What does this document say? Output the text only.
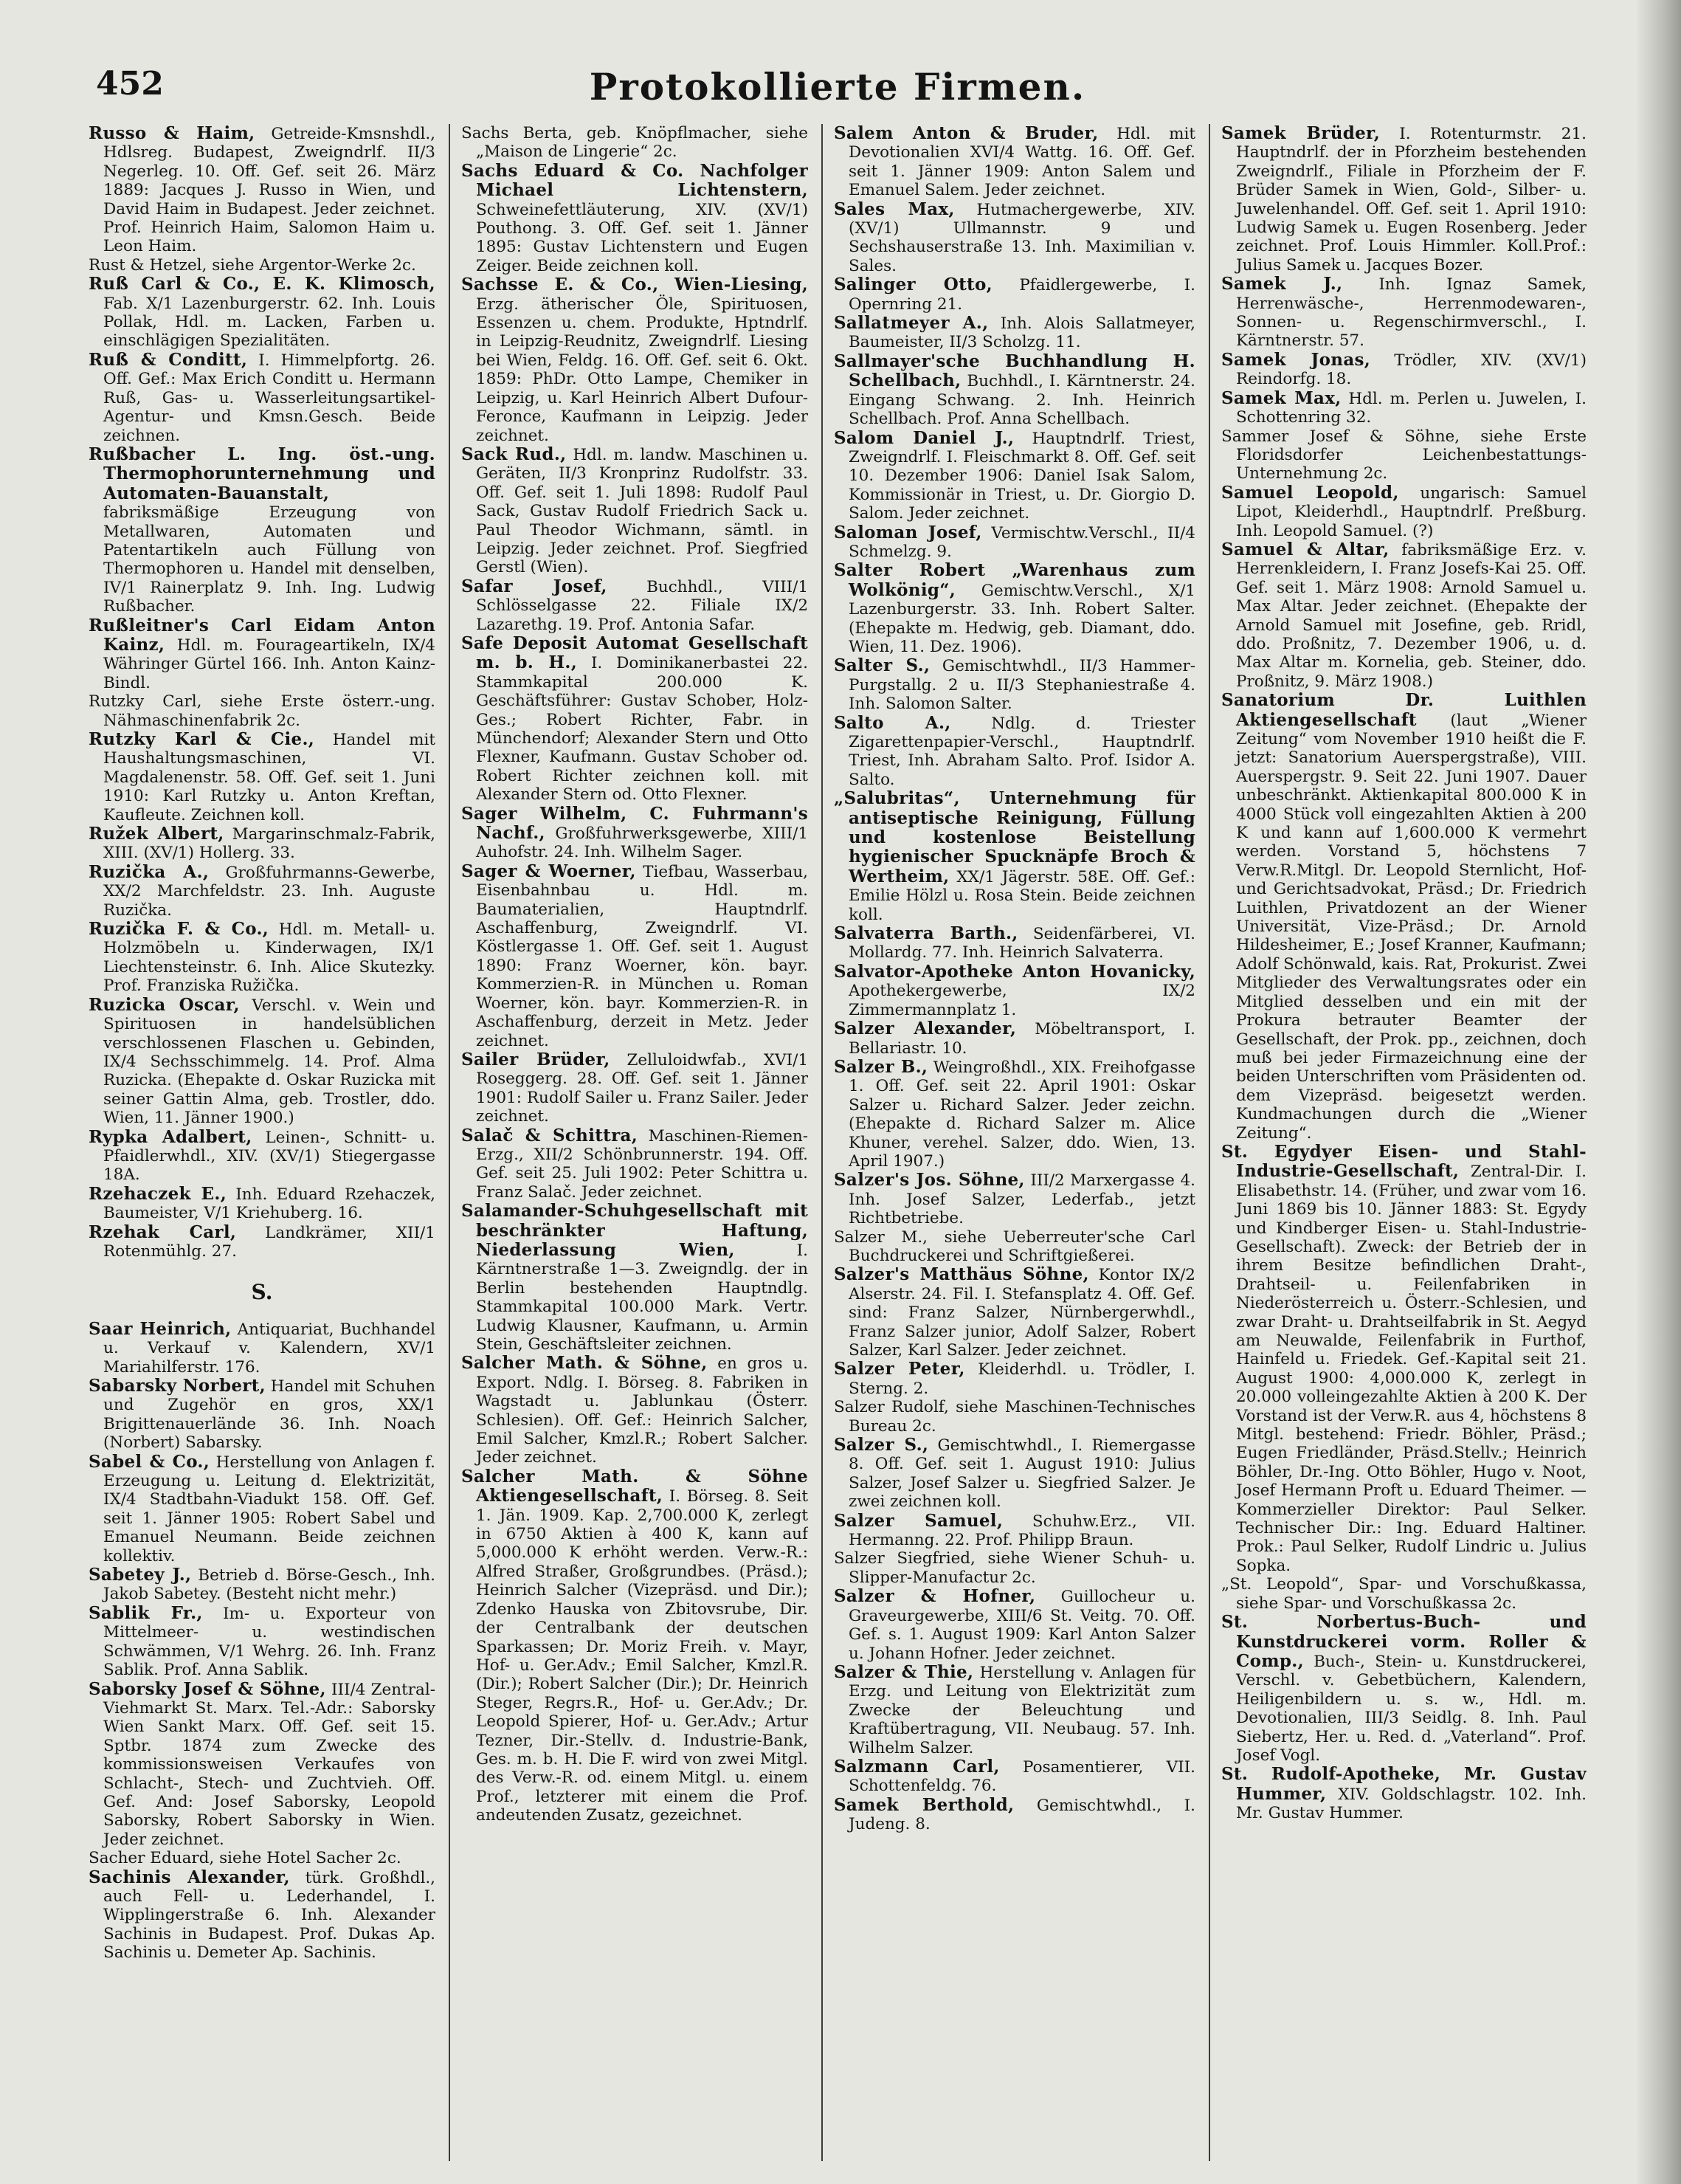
452	Protokollierte Firmen.
Russo & Haim, Getreide-Kmsnshdl., Hdlsreg. Budapest, Zweigndrlf. II/3 Negerleg. 10. Off. Gef. seit 26. März 1889: Jacques J. Russo in Wien, und David Haim in Budapest. Jeder zeichnet. Prof. Heinrich Haim, Salomon Haim u. Leon Haim.
Rust & Hetzel, siehe Argentor-Werke 2c.
Ruß Carl & Co., E. K. Klimosch, Fab. X/1 Lazenburgerstr. 62. Inh. Louis Pollak, Hdl. m. Lacken, Farben u. einschlägigen Spezialitäten.
Ruß & Conditt, I. Himmelpfortg. 26. Off. Gef.: Max Erich Conditt u. Hermann Ruß, Gas- u. Wasserleitungsartikel-Agentur- und Kmsn.Gesch. Beide zeichnen.
Rußbacher L. Ing. öst.-ung. Thermophorunternehmung und Automaten-Bauanstalt, fabriksmäßige Erzeugung von Metallwaren, Automaten und Patentartikeln auch Füllung von Thermophoren u. Handel mit denselben, IV/1 Rainerplatz 9. Inh. Ing. Ludwig Rußbacher.
Rußleitner's Carl Eidam Anton Kainz, Hdl. m. Fourageartikeln, IX/4 Währinger Gürtel 166. Inh. Anton Kainz-Bindl.
Rutzky Carl, siehe Erste österr.-ung. Nähmaschinenfabrik 2c.
Rutzky Karl & Cie., Handel mit Haushaltungsmaschinen, VI. Magdalenenstr. 58. Off. Gef. seit 1. Juni 1910: Karl Rutzky u. Anton Kreftan, Kaufleute. Zeichnen koll.
Ružek Albert, Margarinschmalz-Fabrik, XIII. (XV/1) Hollerg. 33.
Ruzička A., Großfuhrmanns-Gewerbe, XX/2 Marchfeldstr. 23. Inh. Auguste Ruzička.
Ruzička F. & Co., Hdl. m. Metall- u. Holzmöbeln u. Kinderwagen, IX/1 Liechtensteinstr. 6. Inh. Alice Skutezky. Prof. Franziska Ružička.
Ruzicka Oscar, Verschl. v. Wein und Spirituosen in handelsüblichen verschlossenen Flaschen u. Gebinden, IX/4 Sechsschimmelg. 14. Prof. Alma Ruzicka. (Ehepakte d. Oskar Ruzicka mit seiner Gattin Alma, geb. Trostler, ddo. Wien, 11. Jänner 1900.)
Rypka Adalbert, Leinen-, Schnitt- u. Pfaidlerwhdl., XIV. (XV/1) Stiegergasse 18A.
Rzehaczek E., Inh. Eduard Rzehaczek, Baumeister, V/1 Kriehuberg. 16.
Rzehak Carl, Landkrämer, XII/1 Rotenmühlg. 27.
S.
Saar Heinrich, Antiquariat, Buchhandel u. Verkauf v. Kalendern, XV/1 Mariahilferstr. 176.
Sabarsky Norbert, Handel mit Schuhen und Zugehör en gros, XX/1 Brigittenauerlände 36. Inh. Noach (Norbert) Sabarsky.
Sabel & Co., Herstellung von Anlagen f. Erzeugung u. Leitung d. Elektrizität, IX/4 Stadtbahn-Viadukt 158. Off. Gef. seit 1. Jänner 1905: Robert Sabel und Emanuel Neumann. Beide zeichnen kollektiv.
Sabetey J., Betrieb d. Börse-Gesch., Inh. Jakob Sabetey. (Besteht nicht mehr.)
Sablik Fr., Im- u. Exporteur von Mittelmeer- u. westindischen Schwämmen, V/1 Wehrg. 26. Inh. Franz Sablik. Prof. Anna Sablik.
Saborsky Josef & Söhne, III/4 Zentral-Viehmarkt St. Marx. Tel.-Adr.: Saborsky Wien Sankt Marx. Off. Gef. seit 15. Sptbr. 1874 zum Zwecke des kommissionsweisen Verkaufes von Schlacht-, Stech- und Zuchtvieh. Off. Gef. And: Josef Saborsky, Leopold Saborsky, Robert Saborsky in Wien. Jeder zeichnet.
Sacher Eduard, siehe Hotel Sacher 2c.
Sachinis Alexander, türk. Großhdl., auch Fell- u. Lederhandel, I. Wipplingerstraße 6. Inh. Alexander Sachinis in Budapest. Prof. Dukas Ap. Sachinis u. Demeter Ap. Sachinis.
Sachs Berta, geb. Knöpflmacher, siehe „Maison de Lingerie“ 2c.
Sachs Eduard & Co. Nachfolger Michael Lichtenstern, Schweinefettläuterung, XIV. (XV/1) Pouthong. 3. Off. Gef. seit 1. Jänner 1895: Gustav Lichtenstern und Eugen Zeiger. Beide zeichnen koll.
Sachsse E. & Co., Wien-Liesing, Erzg. ätherischer Öle, Spirituosen, Essenzen u. chem. Produkte, Hptndrlf. in Leipzig-Reudnitz, Zweigndrlf. Liesing bei Wien, Feldg. 16. Off. Gef. seit 6. Okt. 1859: PhDr. Otto Lampe, Chemiker in Leipzig, u. Karl Heinrich Albert Dufour-Feronce, Kaufmann in Leipzig. Jeder zeichnet.
Sack Rud., Hdl. m. landw. Maschinen u. Geräten, II/3 Kronprinz Rudolfstr. 33. Off. Gef. seit 1. Juli 1898: Rudolf Paul Sack, Gustav Rudolf Friedrich Sack u. Paul Theodor Wichmann, sämtl. in Leipzig. Jeder zeichnet. Prof. Siegfried Gerstl (Wien).
Safar Josef, Buchhdl., VIII/1 Schlösselgasse 22. Filiale IX/2 Lazarethg. 19. Prof. Antonia Safar.
Safe Deposit Automat Gesellschaft m. b. H., I. Dominikanerbastei 22. Stammkapital 200.000 K. Geschäftsführer: Gustav Schober, Holz-Ges.; Robert Richter, Fabr. in Münchendorf; Alexander Stern und Otto Flexner, Kaufmann. Gustav Schober od. Robert Richter zeichnen koll. mit Alexander Stern od. Otto Flexner.
Sager Wilhelm, C. Fuhrmann's Nachf., Großfuhrwerksgewerbe, XIII/1 Auhofstr. 24. Inh. Wilhelm Sager.
Sager & Woerner, Tiefbau, Wasserbau, Eisenbahnbau u. Hdl. m. Baumaterialien, Hauptndrlf. Aschaffenburg, Zweigndrlf. VI. Köstlergasse 1. Off. Gef. seit 1. August 1890: Franz Woerner, kön. bayr. Kommerzien-R. in München u. Roman Woerner, kön. bayr. Kommerzien-R. in Aschaffenburg, derzeit in Metz. Jeder zeichnet.
Sailer Brüder, Zelluloidwfab., XVI/1 Roseggerg. 28. Off. Gef. seit 1. Jänner 1901: Rudolf Sailer u. Franz Sailer. Jeder zeichnet.
Salač & Schittra, Maschinen-Riemen-Erzg., XII/2 Schönbrunnerstr. 194. Off. Gef. seit 25. Juli 1902: Peter Schittra u. Franz Salač. Jeder zeichnet.
Salamander-Schuhgesellschaft mit beschränkter Haftung, Niederlassung Wien,	I. Kärntnerstraße 1—3. Zweigndlg. der in Berlin bestehenden Hauptndlg. Stammkapital 100.000 Mark. Vertr. Ludwig Klausner, Kaufmann, u. Armin Stein, Geschäftsleiter zeichnen.
Salcher Math. & Söhne, en gros u. Export. Ndlg. I. Börseg. 8. Fabriken in Wagstadt u. Jablunkau (Österr. Schlesien). Off. Gef.: Heinrich Salcher, Emil Salcher, Kmzl.R.; Robert Salcher. Jeder zeichnet.
Salcher Math. & Söhne Aktiengesellschaft, I. Börseg. 8. Seit 1. Jän. 1909. Kap. 2,700.000 K, zerlegt in 6750 Aktien à 400 K, kann auf 5,000.000 K erhöht werden. Verw.-R.: Alfred Straßer, Großgrundbes. (Präsd.); Heinrich Salcher (Vizepräsd. und Dir.); Zdenko Hauska von Zbitovsrube, Dir. der Centralbank der deutschen Sparkassen; Dr. Moriz Freih. v. Mayr, Hof- u. Ger.Adv.; Emil Salcher, Kmzl.R. (Dir.); Robert Salcher (Dir.); Dr. Heinrich Steger, Regrs.R., Hof- u. Ger.Adv.; Dr. Leopold Spierer, Hof- u. Ger.Adv.; Artur Tezner, Dir.-Stellv. d. Industrie-Bank, Ges. m. b. H. Die F. wird von zwei Mitgl. des Verw.-R. od. einem Mitgl. u. einem Prof., letzterer mit einem die Prof. andeutenden Zusatz, gezeichnet.
Salem Anton & Bruder, Hdl. mit Devotionalien XVI/4 Wattg. 16. Off. Gef. seit 1. Jänner 1909: Anton Salem und Emanuel Salem. Jeder zeichnet.
Sales Max, Hutmachergewerbe, XIV. (XV/1) Ullmannstr. 9 und Sechshauserstraße 13. Inh. Maximilian v. Sales.
Salinger Otto, Pfaidlergewerbe, I. Opernring 21.
Sallatmeyer A., Inh. Alois Sallatmeyer, Baumeister, II/3 Scholzg. 11.
Sallmayer'sche Buchhandlung H. Schellbach, Buchhdl., I. Kärntnerstr. 24. Eingang Schwang. 2. Inh. Heinrich Schellbach. Prof. Anna Schellbach.
Salom Daniel J., Hauptndrlf. Triest, Zweigndrlf. I. Fleischmarkt 8. Off. Gef. seit 10. Dezember 1906: Daniel Isak Salom, Kommissionär in Triest, u. Dr. Giorgio D. Salom. Jeder zeichnet.
Saloman Josef, Vermischtw.Verschl., II/4 Schmelzg. 9.
Salter Robert „Warenhaus zum Wolkönig“, Gemischtw.Verschl., X/1 Lazenburgerstr. 33. Inh. Robert Salter. (Ehepakte m. Hedwig, geb. Diamant, ddo. Wien, 11. Dez. 1906).
Salter S., Gemischtwhdl., II/3 Hammer-Purgstallg. 2 u. II/3 Stephaniestraße 4. Inh. Salomon Salter.
Salto A.,	Ndlg. d. Triester Zigarettenpapier-Verschl., Hauptndrlf. Triest, Inh. Abraham Salto. Prof. Isidor A. Salto.
„Salubritas“, Unternehmung für antiseptische Reinigung, Füllung und kostenlose Beistellung hygienischer Spucknäpfe Broch & Wertheim, XX/1 Jägerstr. 58E. Off. Gef.: Emilie Hölzl u. Rosa Stein. Beide zeichnen koll.
Salvaterra Barth., Seidenfärberei, VI. Mollardg. 77. Inh. Heinrich Salvaterra.
Salvator-Apotheke Anton Hovanicky, Apothekergewerbe, IX/2 Zimmermannplatz 1.
Salzer Alexander, Möbeltransport, I. Bellariastr. 10.
Salzer B., Weingroßhdl., XIX. Freihofgasse 1. Off. Gef. seit 22. April 1901: Oskar Salzer u. Richard Salzer. Jeder zeichn. (Ehepakte d. Richard Salzer m. Alice Khuner, verehel. Salzer, ddo. Wien, 13. April 1907.)
Salzer's Jos. Söhne, III/2 Marxergasse 4. Inh. Josef Salzer, Lederfab., jetzt Richtbetriebe.
Salzer M., siehe Ueberreuter'sche Carl Buchdruckerei und Schriftgießerei.
Salzer's Matthäus Söhne, Kontor IX/2 Alserstr. 24. Fil. I. Stefansplatz 4. Off. Gef. sind: Franz Salzer, Nürnbergerwhdl., Franz Salzer junior, Adolf Salzer, Robert Salzer, Karl Salzer. Jeder zeichnet.
Salzer Peter, Kleiderhdl. u. Trödler, I. Sterng. 2.
Salzer Rudolf, siehe Maschinen-Technisches Bureau 2c.
Salzer S., Gemischtwhdl., I. Riemergasse 8. Off. Gef. seit 1. August 1910: Julius Salzer, Josef Salzer u. Siegfried Salzer. Je zwei zeichnen koll.
Salzer Samuel, Schuhw.Erz., VII. Hermanng. 22. Prof. Philipp Braun.
Salzer Siegfried, siehe Wiener Schuh- u. Slipper-Manufactur 2c.
Salzer & Hofner, Guillocheur u. Graveurgewerbe, XIII/6 St. Veitg. 70. Off. Gef. s. 1. August 1909: Karl Anton Salzer u. Johann Hofner. Jeder zeichnet.
Salzer & Thie, Herstellung v. Anlagen für Erzg. und Leitung von Elektrizität zum Zwecke der Beleuchtung und Kraftübertragung, VII. Neubaug. 57. Inh. Wilhelm Salzer.
Salzmann Carl, Posamentierer, VII. Schottenfeldg. 76.
Samek Berthold, Gemischtwhdl., I. Judeng. 8.
Samek Brüder, I. Rotenturmstr. 21. Hauptndrlf. der in Pforzheim bestehenden Zweigndrlf., Filiale in Pforzheim der F. Brüder Samek in Wien, Gold-, Silber- u. Juwelenhandel. Off. Gef. seit 1. April 1910: Ludwig Samek u. Eugen Rosenberg. Jeder zeichnet. Prof. Louis Himmler. Koll.Prof.: Julius Samek u. Jacques Bozer.
Samek J., Inh. Ignaz Samek, Herrenwäsche-, Herrenmodewaren-, Sonnen- u. Regenschirmverschl., I. Kärntnerstr. 57.
Samek Jonas, Trödler, XIV. (XV/1) Reindorfg. 18.
Samek Max, Hdl. m. Perlen u. Juwelen, I. Schottenring 32.
Sammer Josef & Söhne, siehe Erste Floridsdorfer Leichenbestattungs-Unternehmung 2c.
Samuel Leopold, ungarisch: Samuel Lipot, Kleiderhdl., Hauptndrlf. Preßburg. Inh. Leopold Samuel. (?)
Samuel & Altar, fabriksmäßige Erz. v. Herrenkleidern, I. Franz Josefs-Kai 25. Off. Gef. seit 1. März 1908: Arnold Samuel u. Max Altar. Jeder zeichnet. (Ehepakte der Arnold Samuel mit Josefine, geb. Rridl, ddo. Proßnitz, 7. Dezember 1906, u. d. Max Altar m. Kornelia, geb. Steiner, ddo. Proßnitz, 9. März 1908.)
Sanatorium Dr. Luithlen Aktiengesellschaft (laut „Wiener Zeitung“ vom November 1910 heißt die F. jetzt: Sanatorium Auerspergstraße), VIII. Auerspergstr. 9. Seit 22. Juni 1907. Dauer unbeschränkt. Aktienkapital 800.000 K in 4000 Stück voll eingezahlten Aktien à 200 K und kann auf 1,600.000 K vermehrt werden. Vorstand 5, höchstens 7 Verw.R.Mitgl. Dr. Leopold Sternlicht, Hof- und Gerichtsadvokat, Präsd.; Dr. Friedrich Luithlen, Privatdozent an der Wiener Universität, Vize-Präsd.; Dr. Arnold Hildesheimer, E.; Josef Kranner, Kaufmann; Adolf Schönwald, kais. Rat, Prokurist. Zwei Mitglieder des Verwaltungsrates oder ein Mitglied desselben und ein mit der Prokura betrauter Beamter der Gesellschaft, der Prok. pp., zeichnen, doch muß bei jeder Firmazeichnung eine der beiden Unterschriften vom Präsidenten od. dem Vizepräsd. beigesetzt werden. Kundmachungen durch die „Wiener Zeitung“.
St. Egydyer Eisen- und Stahl-Industrie-Gesellschaft, Zentral-Dir. I. Elisabethstr. 14. (Früher, und zwar vom 16. Juni 1869 bis 10. Jänner 1883: St. Egydy und Kindberger Eisen- u. Stahl-Industrie-Gesellschaft). Zweck: der Betrieb der in ihrem Besitze befindlichen Draht-, Drahtseil- u. Feilenfabriken in Niederösterreich u. Österr.-Schlesien, und zwar Draht- u. Drahtseilfabrik in St. Aegyd am Neuwalde, Feilenfabrik in Furthof, Hainfeld u. Friedek. Gef.-Kapital seit 21. August 1900: 4,000.000 K, zerlegt in 20.000 volleingezahlte Aktien à 200 K. Der Vorstand ist der Verw.R. aus 4, höchstens 8 Mitgl. bestehend: Friedr. Böhler, Präsd.; Eugen Friedländer, Präsd.Stellv.; Heinrich Böhler, Dr.-Ing. Otto Böhler, Hugo v. Noot, Josef Hermann Proft u. Eduard Theimer. — Kommerzieller Direktor: Paul Selker. Technischer Dir.: Ing. Eduard Haltiner. Prok.: Paul Selker, Rudolf Lindric u. Julius Sopka.
„St. Leopold“, Spar- und Vorschußkassa, siehe Spar- und Vorschußkassa 2c.
St. Norbertus-Buch- und Kunstdruckerei vorm. Roller & Comp., Buch-, Stein- u. Kunstdruckerei, Verschl. v. Gebetbüchern, Kalendern, Heiligenbildern u. s. w., Hdl. m. Devotionalien, III/3 Seidlg. 8. Inh. Paul Siebertz, Her. u. Red. d. „Vaterland“. Prof. Josef Vogl.
St. Rudolf-Apotheke, Mr. Gustav Hummer, XIV. Goldschlagstr. 102. Inh. Mr. Gustav Hummer.
